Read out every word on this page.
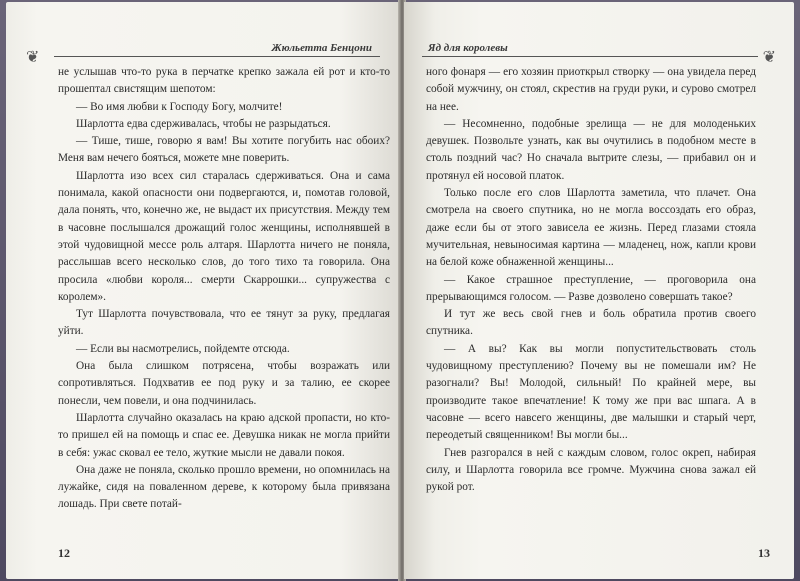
❦
Жюльетта Бенцони

не услышав что-то рука в перчатке крепко зажала ей рот и кто-то прошептал свистящим шепотом:

— Во имя любви к Господу Богу, молчите!

Шарлотта едва сдерживалась, чтобы не разрыдаться.

— Тише, тише, говорю я вам! Вы хотите погубить нас обоих? Меня вам нечего бояться, можете мне поверить.

Шарлотта изо всех сил старалась сдерживаться. Она и сама понимала, какой опасности они подвергаются, и, помотав головой, дала понять, что, конечно же, не выдаст их присутствия. Между тем в часовне послышался дрожащий голос женщины, исполнявшей в этой чудовищной мессе роль алтаря. Шарлотта ничего не поняла, расслышав всего несколько слов, до того тихо та говорила. Она просила «любви короля... смерти Скаррошки... супружества с королем».

Тут Шарлотта почувствовала, что ее тянут за руку, предлагая уйти.

— Если вы насмотрелись, пойдемте отсюда.

Она была слишком потрясена, чтобы возражать или сопротивляться. Подхватив ее под руку и за талию, ее скорее понесли, чем повели, и она подчинилась.

Шарлотта случайно оказалась на краю адской пропасти, но кто-то пришел ей на помощь и спас ее. Девушка никак не могла прийти в себя: ужас сковал ее тело, жуткие мысли не давали покоя.

Она даже не поняла, сколько прошло времени, но опомнилась на лужайке, сидя на поваленном дереве, к которому была привязана лошадь. При свете потай-

12
❦
Яд для королевы

ного фонаря — его хозяин приоткрыл створку — она увидела перед собой мужчину, он стоял, скрестив на груди руки, и сурово смотрел на нее.

— Несомненно, подобные зрелища — не для молоденьких девушек. Позвольте узнать, как вы очутились в подобном месте в столь поздний час? Но сначала вытрите слезы, — прибавил он и протянул ей носовой платок.

Только после его слов Шарлотта заметила, что плачет. Она смотрела на своего спутника, но не могла воссоздать его образ, даже если бы от этого зависела ее жизнь. Перед глазами стояла мучительная, невыносимая картина — младенец, нож, капли крови на белой коже обнаженной женщины...

— Какое страшное преступление, — проговорила она прерывающимся голосом. — Разве дозволено совершать такое?

И тут же весь свой гнев и боль обратила против своего спутника.

— А вы? Как вы могли попустительствовать столь чудовищному преступлению? Почему вы не помешали им? Не разогнали? Вы! Молодой, сильный! По крайней мере, вы производите такое впечатление! К тому же при вас шпага. А в часовне — всего навсего женщины, две малышки и старый черт, переодетый священником! Вы могли бы...

Гнев разгорался в ней с каждым словом, голос окреп, набирая силу, и Шарлотта говорила все громче. Мужчина снова зажал ей рукой рот.

13
